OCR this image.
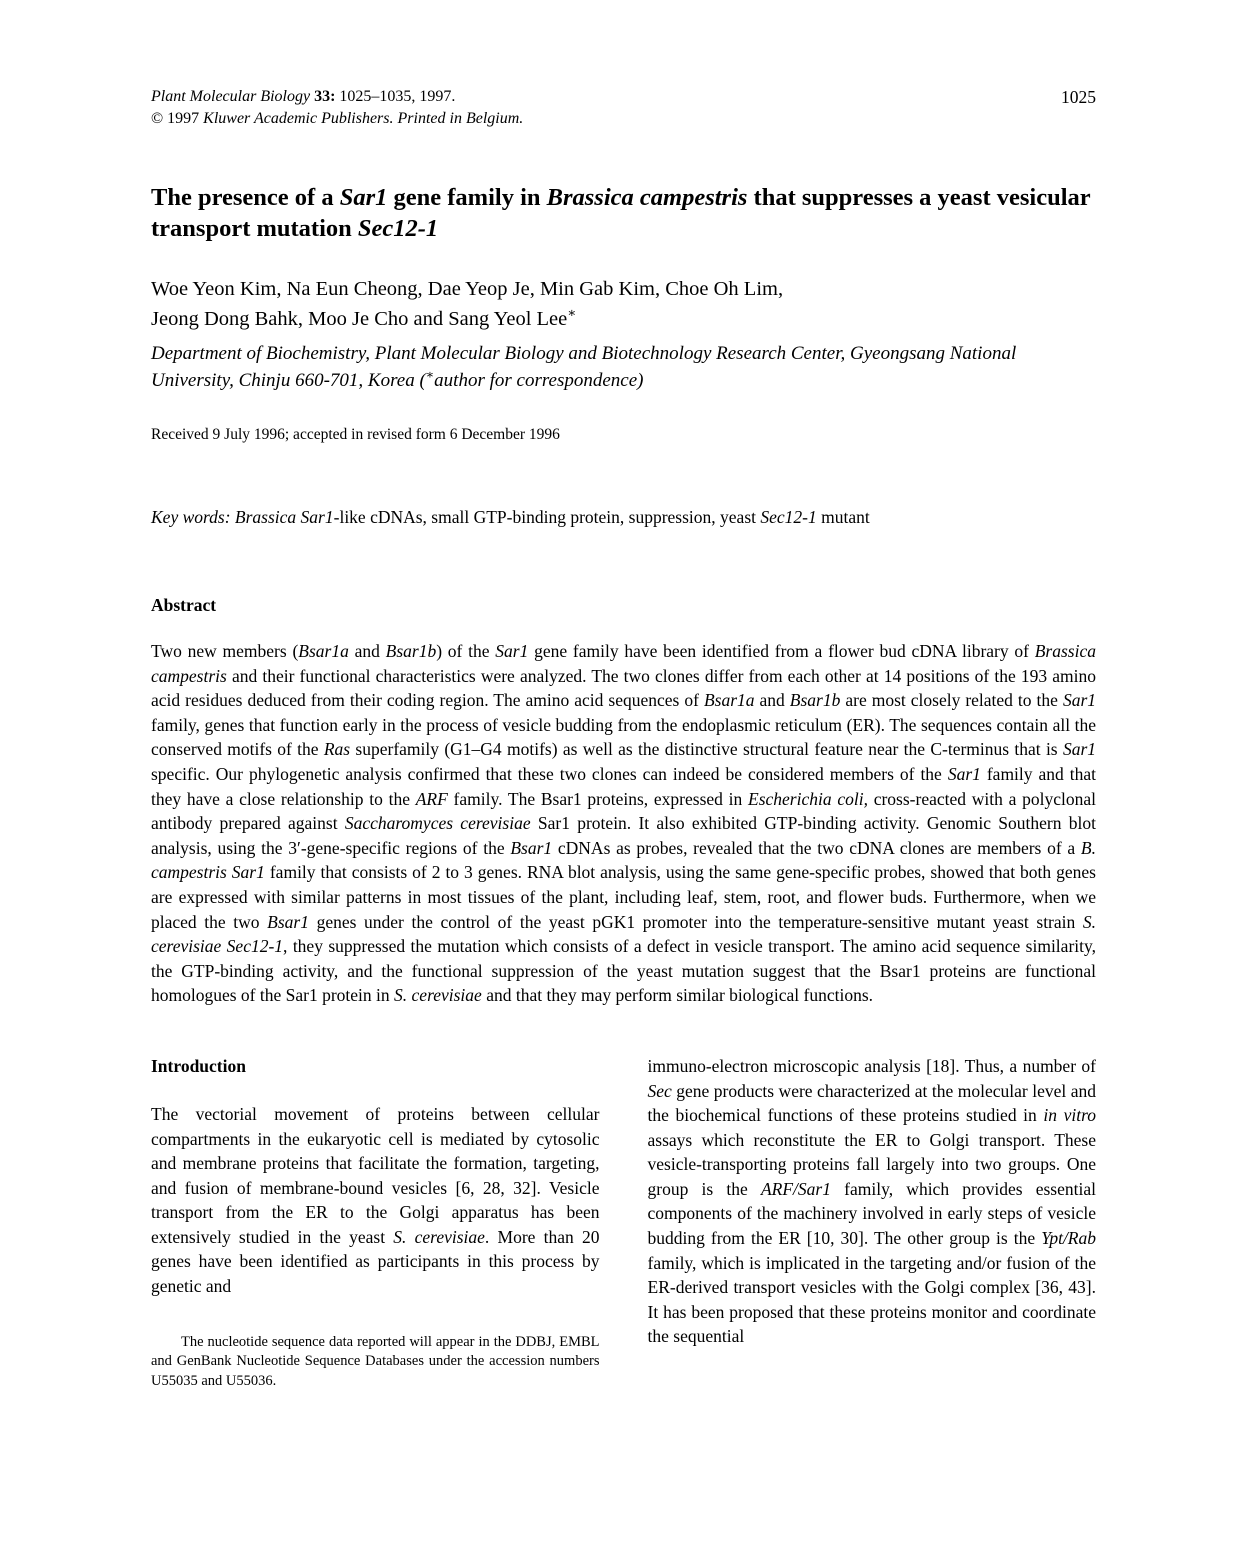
Plant Molecular Biology 33: 1025–1035, 1997.
© 1997 Kluwer Academic Publishers. Printed in Belgium.
1025
The presence of a Sar1 gene family in Brassica campestris that suppresses a yeast vesicular transport mutation Sec12-1
Woe Yeon Kim, Na Eun Cheong, Dae Yeop Je, Min Gab Kim, Choe Oh Lim,
Jeong Dong Bahk, Moo Je Cho and Sang Yeol Lee∗
Department of Biochemistry, Plant Molecular Biology and Biotechnology Research Center, Gyeongsang National University, Chinju 660-701, Korea (∗author for correspondence)
Received 9 July 1996; accepted in revised form 6 December 1996
Key words: Brassica Sar1-like cDNAs, small GTP-binding protein, suppression, yeast Sec12-1 mutant
Abstract

Two new members (Bsar1a and Bsar1b) of the Sar1 gene family have been identified from a flower bud cDNA library of Brassica campestris and their functional characteristics were analyzed. The two clones differ from each other at 14 positions of the 193 amino acid residues deduced from their coding region. The amino acid sequences of Bsar1a and Bsar1b are most closely related to the Sar1 family, genes that function early in the process of vesicle budding from the endoplasmic reticulum (ER). The sequences contain all the conserved motifs of the Ras superfamily (G1–G4 motifs) as well as the distinctive structural feature near the C-terminus that is Sar1 specific. Our phylogenetic analysis confirmed that these two clones can indeed be considered members of the Sar1 family and that they have a close relationship to the ARF family. The Bsar1 proteins, expressed in Escherichia coli, cross-reacted with a polyclonal antibody prepared against Saccharomyces cerevisiae Sar1 protein. It also exhibited GTP-binding activity. Genomic Southern blot analysis, using the 3′-gene-specific regions of the Bsar1 cDNAs as probes, revealed that the two cDNA clones are members of a B. campestris Sar1 family that consists of 2 to 3 genes. RNA blot analysis, using the same gene-specific probes, showed that both genes are expressed with similar patterns in most tissues of the plant, including leaf, stem, root, and flower buds. Furthermore, when we placed the two Bsar1 genes under the control of the yeast pGK1 promoter into the temperature-sensitive mutant yeast strain S. cerevisiae Sec12-1, they suppressed the mutation which consists of a defect in vesicle transport. The amino acid sequence similarity, the GTP-binding activity, and the functional suppression of the yeast mutation suggest that the Bsar1 proteins are functional homologues of the Sar1 protein in S. cerevisiae and that they may perform similar biological functions.

Introduction

The vectorial movement of proteins between cellular compartments in the eukaryotic cell is mediated by cytosolic and membrane proteins that facilitate the formation, targeting, and fusion of membrane-bound vesicles [6, 28, 32]. Vesicle transport from the ER to the Golgi apparatus has been extensively studied in the yeast S. cerevisiae. More than 20 genes have been identified as participants in this process by genetic and

The nucleotide sequence data reported will appear in the DDBJ, EMBL and GenBank Nucleotide Sequence Databases under the accession numbers U55035 and U55036.

immuno-electron microscopic analysis [18]. Thus, a number of Sec gene products were characterized at the molecular level and the biochemical functions of these proteins studied in in vitro assays which reconstitute the ER to Golgi transport. These vesicle-transporting proteins fall largely into two groups. One group is the ARF/Sar1 family, which provides essential components of the machinery involved in early steps of vesicle budding from the ER [10, 30]. The other group is the Ypt/Rab family, which is implicated in the targeting and/or fusion of the ER-derived transport vesicles with the Golgi complex [36, 43]. It has been proposed that these proteins monitor and coordinate the sequential
